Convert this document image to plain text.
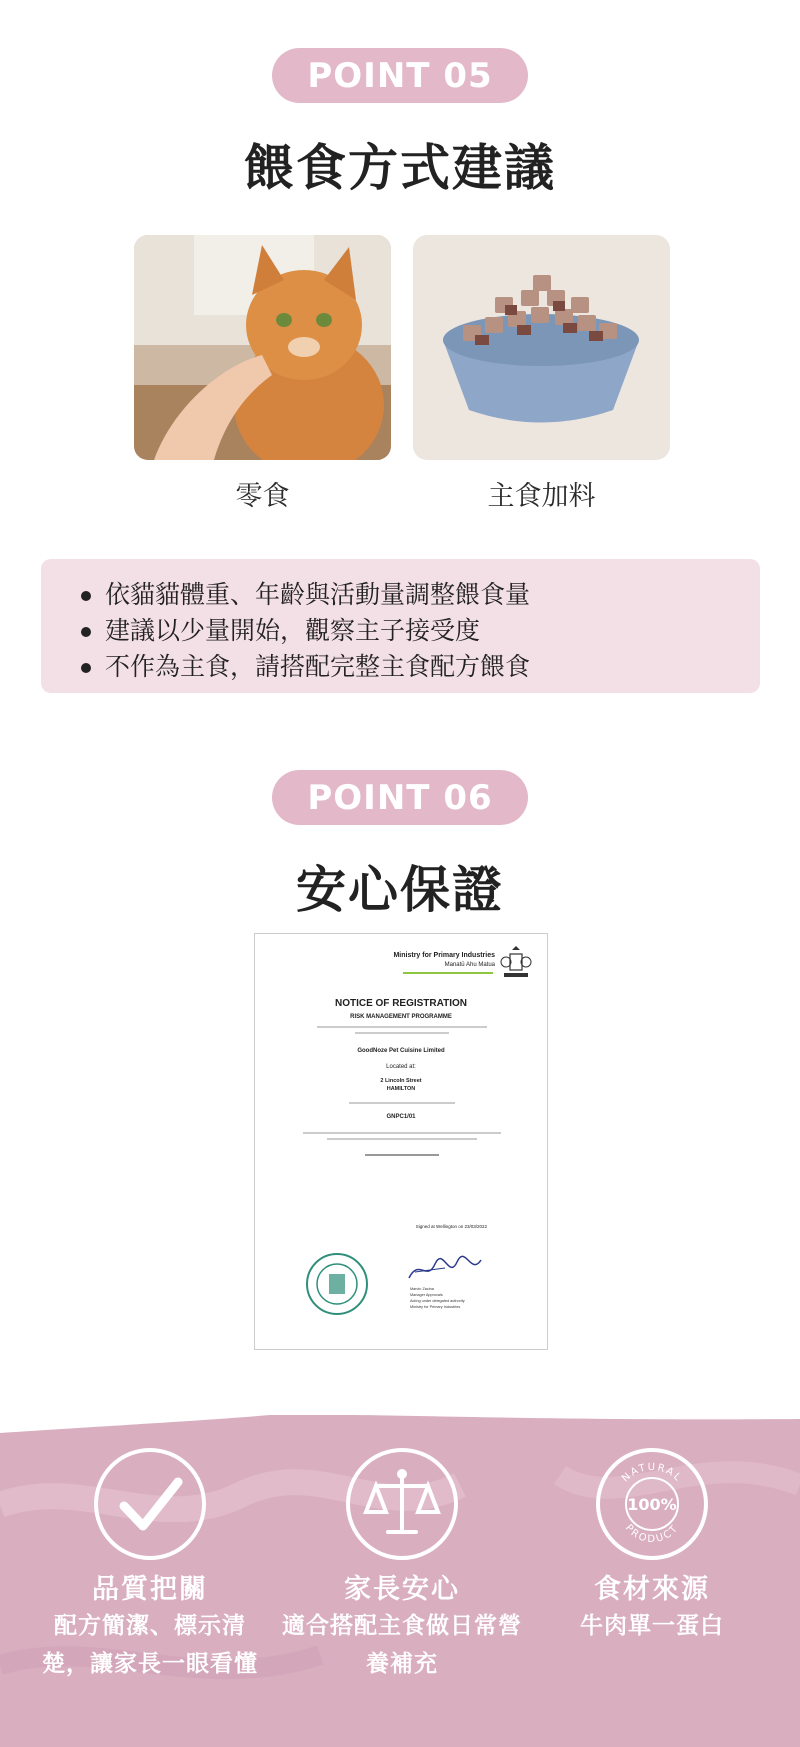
POINT 05
餵食方式建議
零食	主食加料
依貓貓體重、年齡與活動量調整餵食量
建議以少量開始，觀察主子接受度
不作為主食，請搭配完整主食配方餵食
POINT 06
安心保證
Ministry for Primary Industries
Manatū Ahu Matua
NOTICE OF REGISTRATION
RISK MANAGEMENT PROGRAMME
GoodNoze Pet Cuisine Limited
Located at:
2 Lincoln Street
HAMILTON
GNPC1/01
Signed at Wellington on 23/03/2022
Marcin Zacina
Manager Approvals
Acting under delegated authority
Ministry for Primary Industries
品質把關
配方簡潔、標示清
楚，讓家長一眼看懂
家長安心
適合搭配主食做日常營
養補充
NATURAL
PRODUCT
100%
食材來源
牛肉單一蛋白
